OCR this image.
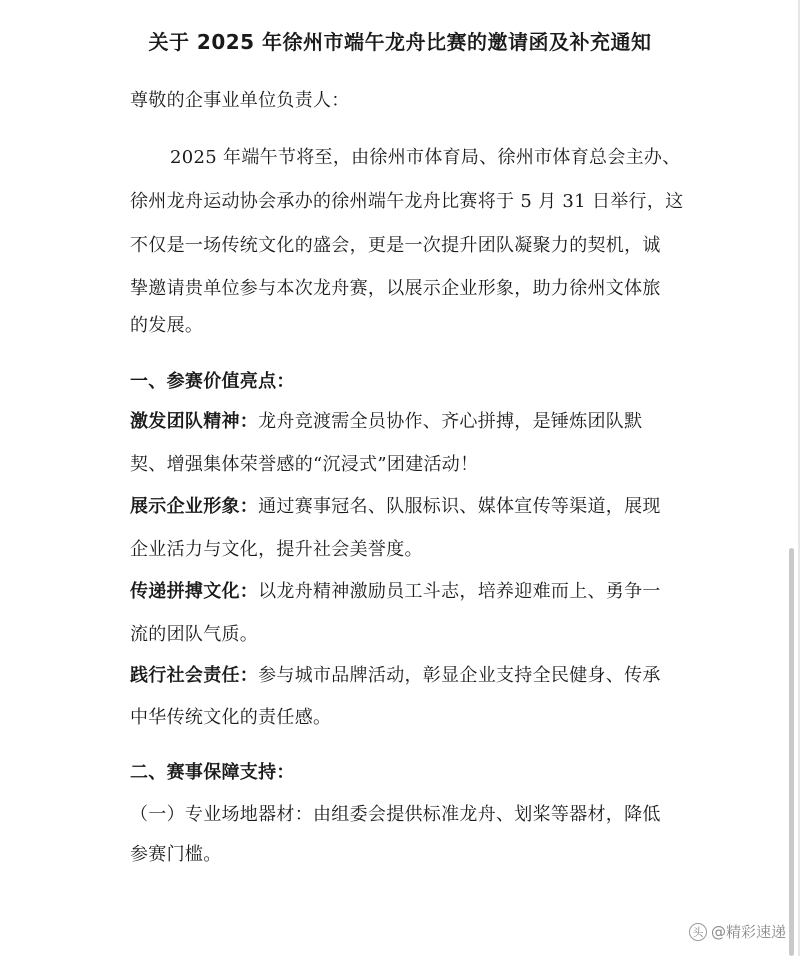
关于 2025 年徐州市端午龙舟比赛的邀请函及补充通知
尊敬的企事业单位负责人：
2025 年端午节将至，由徐州市体育局、徐州市体育总会主办、
徐州龙舟运动协会承办的徐州端午龙舟比赛将于 5 月 31 日举行，这
不仅是一场传统文化的盛会，更是一次提升团队凝聚力的契机，诚
挚邀请贵单位参与本次龙舟赛，以展示企业形象，助力徐州文体旅
的发展。
一、参赛价值亮点：
激发团队精神：龙舟竞渡需全员协作、齐心拼搏，是锤炼团队默
契、增强集体荣誉感的“沉浸式”团建活动！
展示企业形象：通过赛事冠名、队服标识、媒体宣传等渠道，展现
企业活力与文化，提升社会美誉度。
传递拼搏文化：以龙舟精神激励员工斗志，培养迎难而上、勇争一
流的团队气质。
践行社会责任：参与城市品牌活动，彰显企业支持全民健身、传承
中华传统文化的责任感。
二、赛事保障支持：
（一）专业场地器材：由组委会提供标准龙舟、划桨等器材，降低
参赛门槛。
头 @精彩速递
